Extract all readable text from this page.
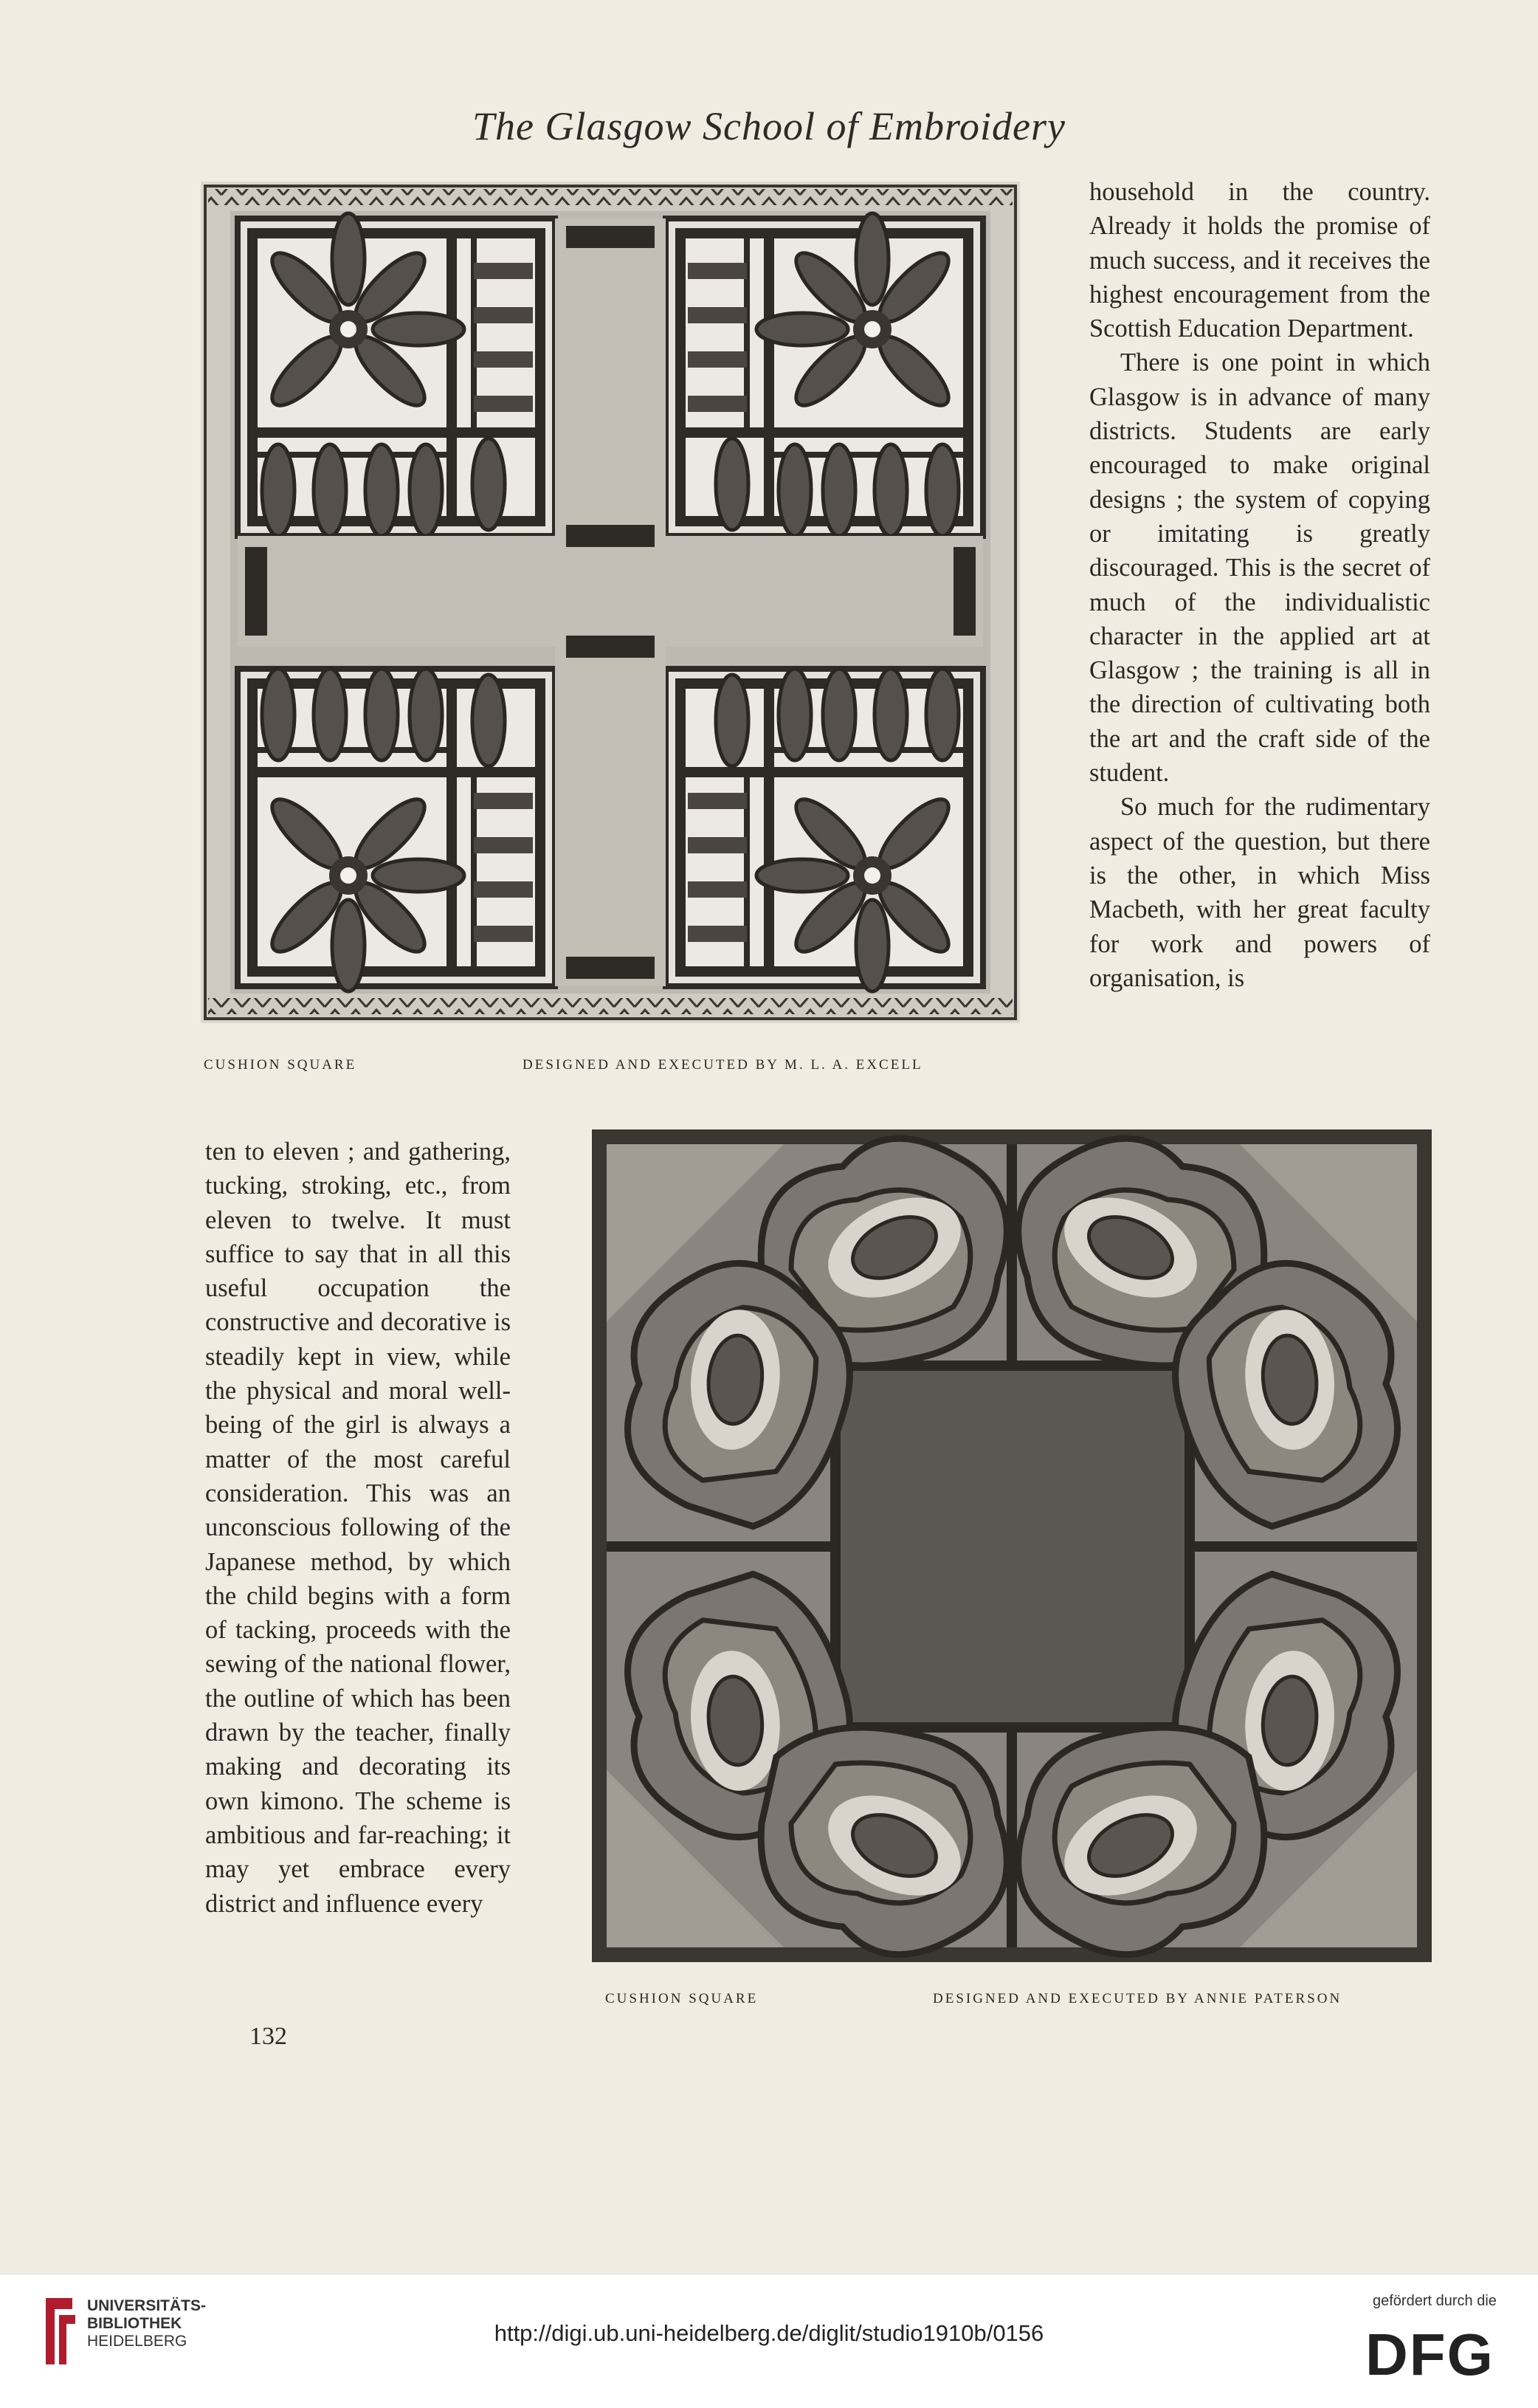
The Glasgow School of Embroidery
CUSHION SQUARE	DESIGNED AND EXECUTED BY M. L. A. EXCELL

household in the country. Already it holds the promise of much success, and it receives the highest encouragement from the Scottish Education Department.

There is one point in which Glasgow is in advance of many districts. Students are early encouraged to make original designs ; the system of copying or imitating is greatly discouraged. This is the secret of much of the individualistic character in the applied art at Glasgow ; the training is all in the direction of cultivating both the art and the craft side of the student.

So much for the rudimentary aspect of the question, but there is the other, in which Miss Macbeth, with her great faculty for work and powers of organisation, is

ten to eleven ; and gathering, tucking, stroking, etc., from eleven to twelve. It must suffice to say that in all this useful occupation the constructive and decorative is steadily kept in view, while the physical and moral well-being of the girl is always a matter of the most careful consideration. This was an unconscious following of the Japanese method, by which the child begins with a form of tacking, proceeds with the sewing of the national flower, the outline of which has been drawn by the teacher, finally making and decorating its own kimono. The scheme is ambitious and far-reaching; it may yet embrace every district and influence every

CUSHION SQUARE	DESIGNED AND EXECUTED BY ANNIE PATERSON
132
UNIVERSITÄTS-
BIBLIOTHEK
HEIDELBERG	http://digi.ub.uni-heidelberg.de/diglit/studio1910b/0156
gefördert durch die
DFG
